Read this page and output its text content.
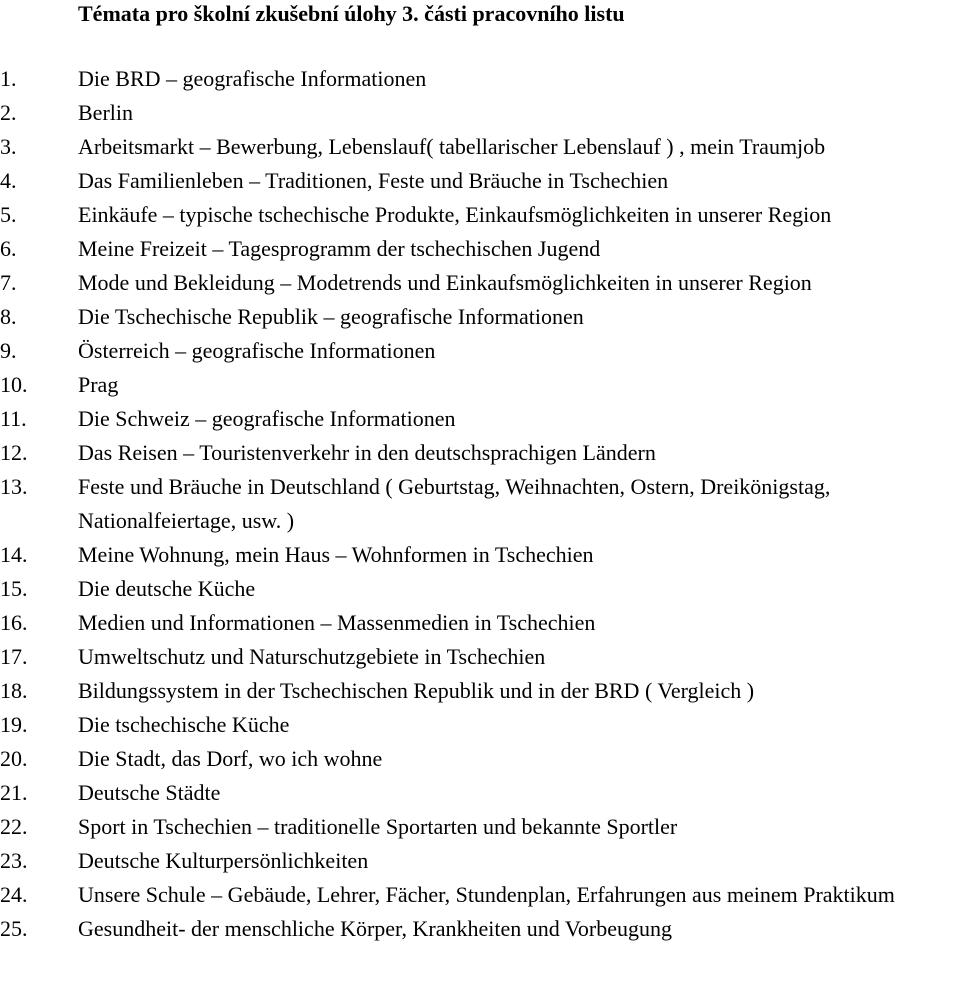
Témata pro školní zkušební úlohy 3. části pracovního listu
1.	Die BRD – geografische Informationen
2.	Berlin
3.	Arbeitsmarkt – Bewerbung, Lebenslauf( tabellarischer Lebenslauf ) , mein Traumjob
4.	Das Familienleben – Traditionen, Feste und Bräuche in Tschechien
5.	Einkäufe – typische tschechische Produkte, Einkaufsmöglichkeiten in unserer Region
6.	Meine Freizeit – Tagesprogramm der tschechischen Jugend
7.	Mode und Bekleidung – Modetrends und Einkaufsmöglichkeiten in unserer Region
8.	Die Tschechische Republik – geografische Informationen
9.	Österreich – geografische Informationen
10.	Prag
11.	Die Schweiz – geografische Informationen
12.	Das Reisen – Touristenverkehr in den deutschsprachigen Ländern
13.	Feste und Bräuche in Deutschland ( Geburtstag, Weihnachten, Ostern, Dreikönigstag, Nationalfeiertage, usw. )
14.	Meine Wohnung, mein Haus – Wohnformen in Tschechien
15.	Die deutsche Küche
16.	Medien und Informationen – Massenmedien in Tschechien
17.	Umweltschutz und Naturschutzgebiete in Tschechien
18.	Bildungssystem in der Tschechischen Republik und in der BRD ( Vergleich )
19.	Die tschechische Küche
20.	Die Stadt, das Dorf, wo ich wohne
21.	Deutsche Städte
22.	Sport in Tschechien – traditionelle Sportarten und bekannte Sportler
23.	Deutsche Kulturpersönlichkeiten
24.	Unsere Schule – Gebäude, Lehrer, Fächer, Stundenplan, Erfahrungen aus meinem Praktikum
25.	Gesundheit- der menschliche Körper, Krankheiten und Vorbeugung
